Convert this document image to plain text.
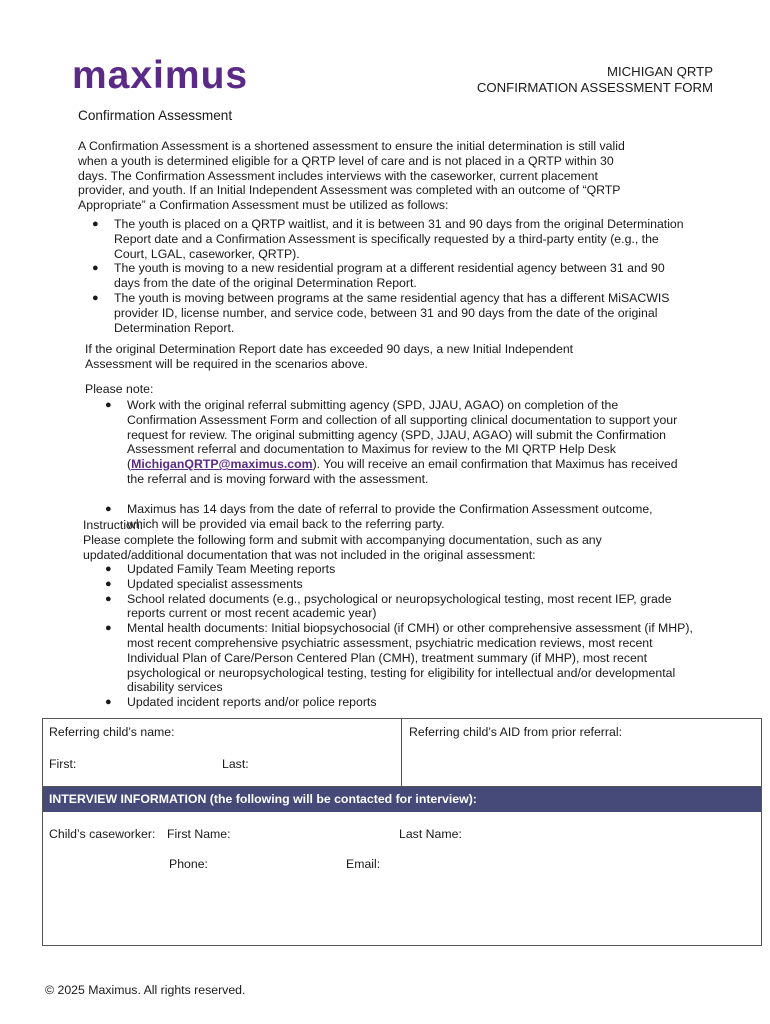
maximus	MICHIGAN QRTP
CONFIRMATION ASSESSMENT FORM
Confirmation Assessment
A Confirmation Assessment is a shortened assessment to ensure the initial determination is still valid
when a youth is determined eligible for a QRTP level of care and is not placed in a QRTP within 30
days. The Confirmation Assessment includes interviews with the caseworker, current placement
provider, and youth. If an Initial Independent Assessment was completed with an outcome of “QRTP
Appropriate” a Confirmation Assessment must be utilized as follows:
● The youth is placed on a QRTP waitlist, and it is between 31 and 90 days from the original Determination
Report date and a Confirmation Assessment is specifically requested by a third-party entity (e.g., the
Court, LGAL, caseworker, QRTP).
● The youth is moving to a new residential program at a different residential agency between 31 and 90
days from the date of the original Determination Report.
● The youth is moving between programs at the same residential agency that has a different MiSACWIS
provider ID, license number, and service code, between 31 and 90 days from the date of the original
Determination Report.
If the original Determination Report date has exceeded 90 days, a new Initial Independent
Assessment will be required in the scenarios above.
Please note:
● Work with the original referral submitting agency (SPD, JJAU, AGAO) on completion of the
Confirmation Assessment Form and collection of all supporting clinical documentation to support your
request for review. The original submitting agency (SPD, JJAU, AGAO) will submit the Confirmation
Assessment referral and documentation to Maximus for review to the MI QRTP Help Desk
(MichiganQRTP@maximus.com). You will receive an email confirmation that Maximus has received
the referral and is moving forward with the assessment.
● Maximus has 14 days from the date of referral to provide the Confirmation Assessment outcome,
which will be provided via email back to the referring party.
Instruction:
Please complete the following form and submit with accompanying documentation, such as any
updated/additional documentation that was not included in the original assessment:
● Updated Family Team Meeting reports
● Updated specialist assessments
● School related documents (e.g., psychological or neuropsychological testing, most recent IEP, grade
reports current or most recent academic year)
● Mental health documents: Initial biopsychosocial (if CMH) or other comprehensive assessment (if MHP),
most recent comprehensive psychiatric assessment, psychiatric medication reviews, most recent
Individual Plan of Care/Person Centered Plan (CMH), treatment summary (if MHP), most recent
psychological or neuropsychological testing, testing for eligibility for intellectual and/or developmental
disability services
● Updated incident reports and/or police reports
Referring child’s name:	Referring child’s AID from prior referral:
First:	Last:
INTERVIEW INFORMATION (the following will be contacted for interview):
Child’s caseworker: First Name:	Last Name:
Phone:	Email:
© 2025 Maximus. All rights reserved.
